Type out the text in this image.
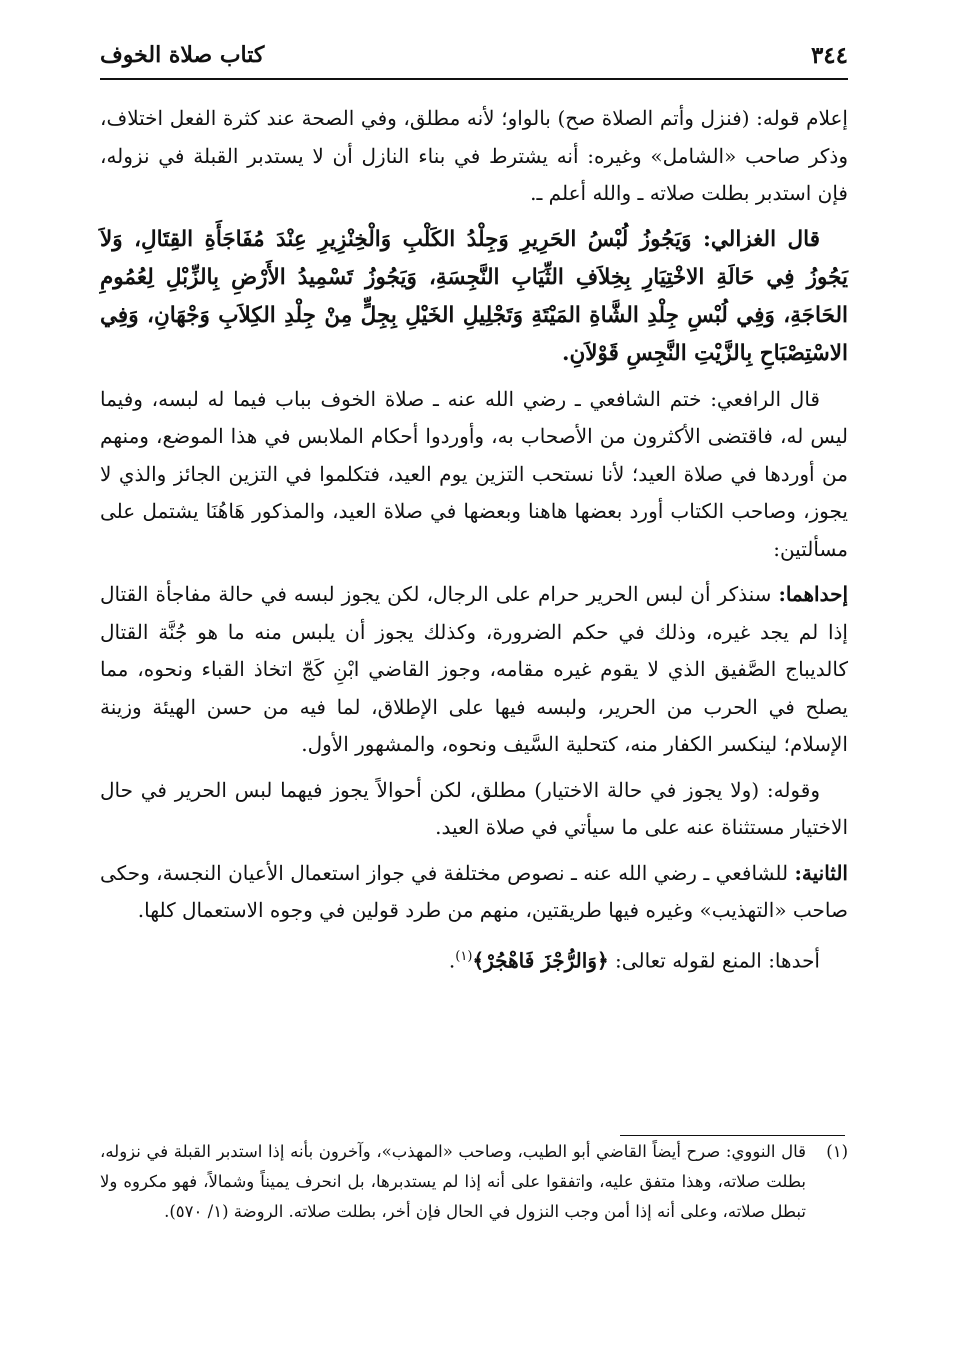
٣٤٤
كتاب صلاة الخوف

إعلام قوله: (فنزل وأتم الصلاة صح) بالواو؛ لأنه مطلق، وفي الصحة عند كثرة الفعل اختلاف، وذكر صاحب «الشامل» وغيره: أنه يشترط في بناء النازل أن لا يستدبر القبلة في نزوله، فإن استدبر بطلت صلاته ـ والله أعلم ـ.

قال الغزالي: وَيَجُوزُ لُبْسُ الحَرِيرِ وَجِلْدُ الكَلْبِ وَالْخِنْزِيرِ عِنْدَ مُفَاجَأَةِ القِتَالِ، وَلاَ يَجُوزُ فِي حَالَةِ الاخْتِيَارِ بِخِلاَفِ الثِّيَابِ النَّجِسَةِ، وَيَجُوزُ تَسْمِيدُ الأَرْضِ بِالزِّبْلِ لِعُمُومِ الحَاجَةِ، وَفِي لُبْسِ جِلْدِ الشَّاةِ المَيْتَةِ وَتَجْلِيلِ الخَيْلِ بِجِلٍّ مِنْ جِلْدِ الكِلاَبِ وَجْهَانِ، وَفِي الاسْتِصْبَاحِ بِالزَّيْتِ النَّجِسِ قَوْلاَنِ.

قال الرافعي: ختم الشافعي ـ رضي الله عنه ـ صلاة الخوف بباب فيما له لبسه، وفيما ليس له، فاقتضى الأكثرون من الأصحاب به، وأوردوا أحكام الملابس في هذا الموضع، ومنهم من أوردها في صلاة العيد؛ لأنا نستحب التزين يوم العيد، فتكلموا في التزين الجائز والذي لا يجوز، وصاحب الكتاب أورد بعضها هاهنا وبعضها في صلاة العيد، والمذكور هَاهُنَا يشتمل على مسألتين:

إحداهما: سنذكر أن لبس الحرير حرام على الرجال، لكن يجوز لبسه في حالة مفاجأة القتال إذا لم يجد غيره، وذلك في حكم الضرورة، وكذلك يجوز أن يلبس منه ما هو جُنَّة القتال كالديباج الصَّفيق الذي لا يقوم غيره مقامه، وجوز القاضي ابْنِ كَجّ اتخاذ القباء ونحوه، مما يصلح في الحرب من الحرير، ولبسه فيها على الإطلاق، لما فيه من حسن الهيئة وزينة الإسلام؛ لينكسر الكفار منه، كتحلية السَّيف ونحوه، والمشهور الأول.

وقوله: (ولا يجوز في حالة الاختيار) مطلق، لكن أحوالاً يجوز فيهما لبس الحرير في حال الاختيار مستثناة عنه على ما سيأتي في صلاة العيد.

الثانية: للشافعي ـ رضي الله عنه ـ نصوص مختلفة في جواز استعمال الأعيان النجسة، وحكى صاحب «التهذيب» وغيره فيها طريقتين، منهم من طرد قولين في وجوه الاستعمال كلها.

أحدها: المنع لقوله تعالى: ﴿وَالرُّجْزَ فَاهْجُرْ﴾$^{(١)}$.

(١)
قال النووي: صرح أيضاً القاضي أبو الطيب، وصاحب «المهذب»، وآخرون بأنه إذا استدبر القبلة في نزوله، بطلت صلاته، وهذا متفق عليه، واتفقوا على أنه إذا لم يستدبرها، بل انحرف يميناً وشمالاً، فهو مكروه ولا تبطل صلاته، وعلى أنه إذا أمن وجب النزول في الحال فإن أخر، بطلت صلاته. الروضة (١/ ٥٧٠).
